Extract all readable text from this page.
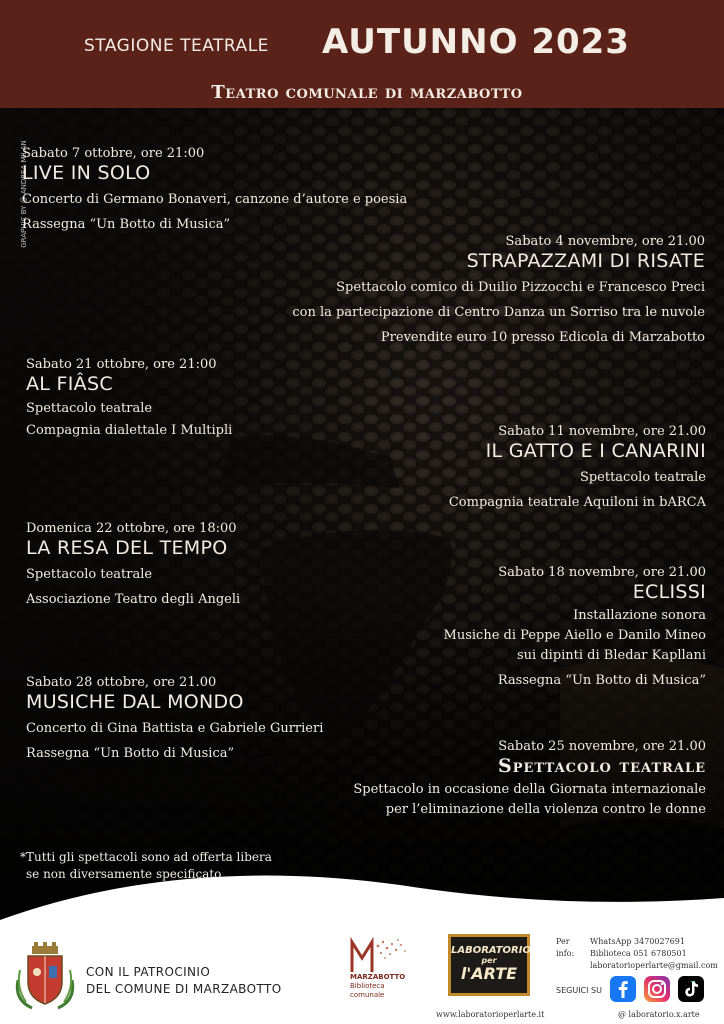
STAGIONE TEATRALE AUTUNNO 2023
Teatro comunale di marzabotto
GRAPHIC BY @ ANDREA MILAN
Sabato 7 ottobre, ore 21:00
LIVE IN SOLO
Concerto di Germano Bonaveri, canzone d’autore e poesia
Rassegna “Un Botto di Musica”
Sabato 4 novembre, ore 21.00
STRAPAZZAMI DI RISATE
Spettacolo comico di Duilio Pizzocchi e Francesco Preci
con la partecipazione di Centro Danza un Sorriso tra le nuvole
Prevendite euro 10 presso Edicola di Marzabotto
Sabato 21 ottobre, ore 21:00
AL FIÂSC
Spettacolo teatrale
Compagnia dialettale I Multipli	Sabato 11 novembre, ore 21.00
IL GATTO E I CANARINI
Spettacolo teatrale
Compagnia teatrale Aquiloni in bARCA
Domenica 22 ottobre, ore 18:00
LA RESA DEL TEMPO
Spettacolo teatrale
Associazione Teatro degli Angeli
Sabato 18 novembre, ore 21.00
ECLISSI
Installazione sonora
Musiche di Peppe Aiello e Danilo Mineo
sui dipinti di Bledar Kapllani
Rassegna “Un Botto di Musica”
Sabato 28 ottobre, ore 21.00
MUSICHE DAL MONDO
Concerto di Gina Battista e Gabriele Gurrieri
Rassegna “Un Botto di Musica”	Sabato 25 novembre, ore 21.00
Spettacolo teatrale
Spettacolo in occasione della Giornata internazionale
per l’eliminazione della violenza contro le donne
*Tutti gli spettacoli sono ad offerta libera
se non diversamente specificato
CON IL PATROCINIO
DEL COMUNE DI MARZABOTTO
MARZABOTTO
Biblioteca
comunale
LABORATORIO
per
l'ARTE
www.laboratorioperlarte.it
Per info:
WhatsApp 3470027691
Biblioteca 051 6780501
laboratorioperlarte@gmail.com
SEGUICI SU
@ laboratorio.x.arte
